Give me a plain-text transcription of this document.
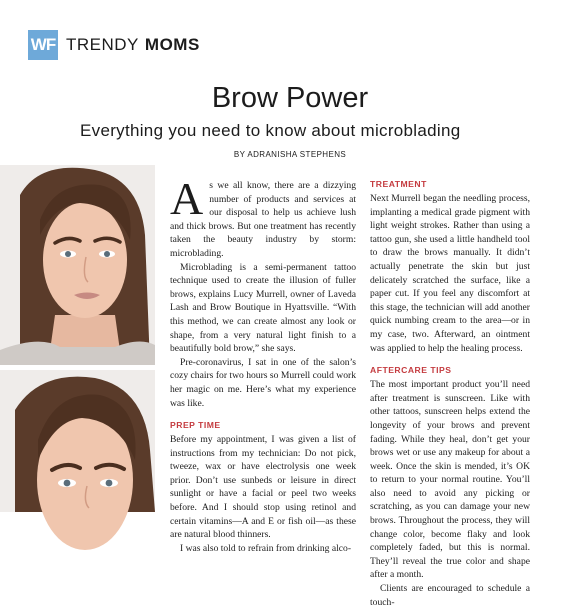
WF TRENDY MOMS
Brow Power
Everything you need to know about microblading
BY ADRANISHA STEPHENS

As we all know, there are a dizzying number of products and services at our disposal to help us achieve lush and thick brows. But one treatment has recently taken the beauty industry by storm: microblading.

Microblading is a semi-permanent tattoo technique used to create the illusion of fuller brows, explains Lucy Murrell, owner of Laveda Lash and Brow Boutique in Hyattsville. “With this method, we can create almost any look or shape, from a very natural light finish to a beautifully bold brow,” she says.

Pre-coronavirus, I sat in one of the salon’s cozy chairs for two hours so Murrell could work her magic on me. Here’s what my experience was like.

PREP TIME

Before my appointment, I was given a list of instructions from my technician: Do not pick, tweeze, wax or have electrolysis one week prior. Don’t use sunbeds or leisure in direct sunlight or have a facial or peel two weeks before. And I should stop using retinol and certain vitamins—A and E or fish oil—as these are natural blood thinners.

I was also told to refrain from drinking alco-

TREATMENT

Next Murrell began the needling process, implanting a medical grade pigment with light weight strokes. Rather than using a tattoo gun, she used a little handheld tool to draw the brows manually. It didn’t actually penetrate the skin but just delicately scratched the surface, like a paper cut. If you feel any discomfort at this stage, the technician will add another quick numbing cream to the area—or in my case, two. Afterward, an ointment was applied to help the healing process.

AFTERCARE TIPS

The most important product you’ll need after treatment is sunscreen. Like with other tattoos, sunscreen helps extend the longevity of your brows and prevent fading. While they heal, don’t get your brows wet or use any makeup for about a week. Once the skin is mended, it’s OK to return to your normal routine. You’ll also need to avoid any picking or scratching, as you can damage your new brows. Throughout the process, they will change color, become flaky and look completely faded, but this is normal. They’ll reveal the true color and shape after a month.

Clients are encouraged to schedule a touch-
